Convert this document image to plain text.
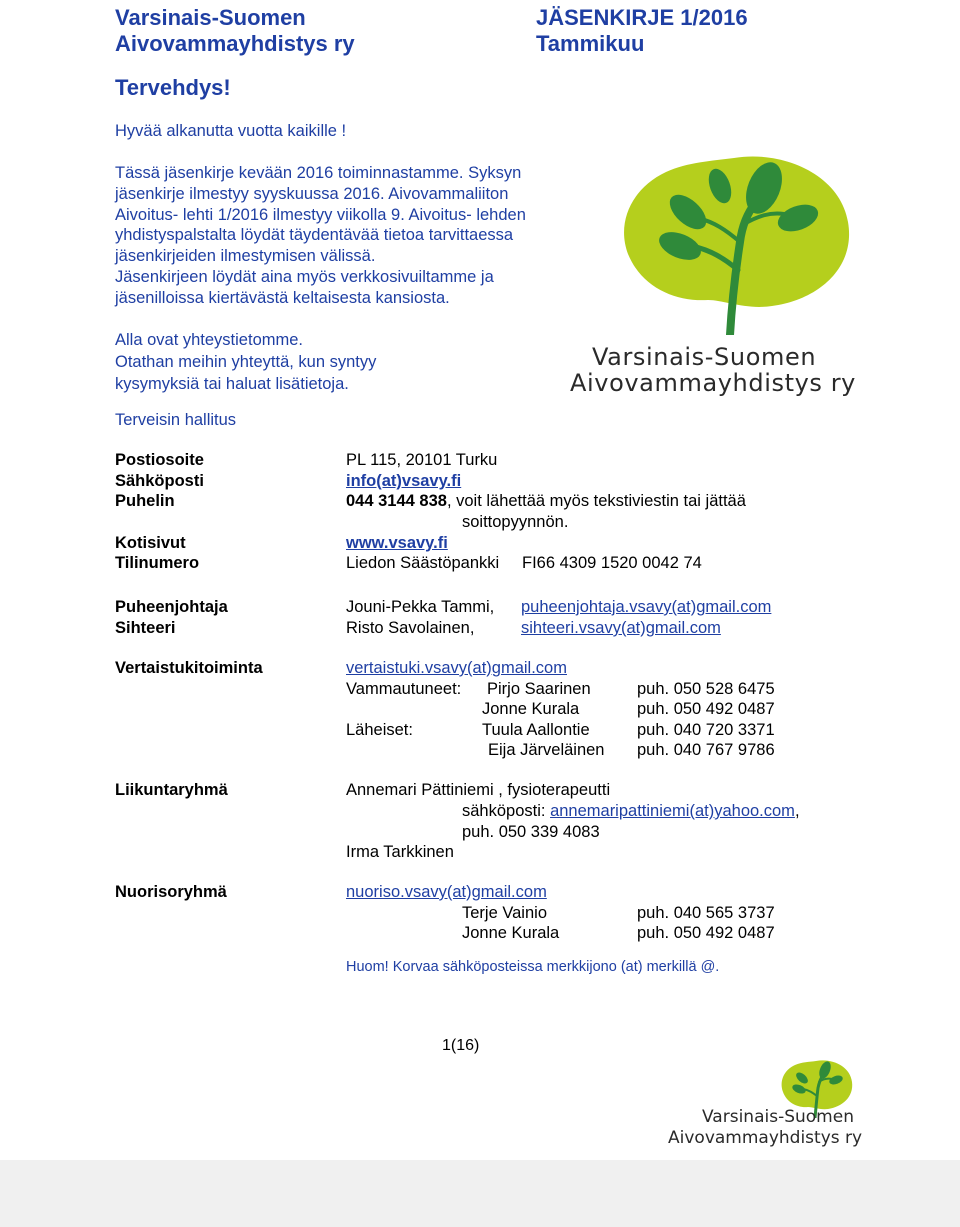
Varsinais-Suomen
Aivovammayhdistys ry
JÄSENKIRJE 1/2016
Tammikuu
Tervehdys!
Hyvää alkanutta vuotta kaikille !
Tässä jäsenkirje kevään 2016 toiminnastamme. Syksyn
jäsenkirje ilmestyy syyskuussa 2016. Aivovammaliiton
Aivoitus- lehti 1/2016 ilmestyy viikolla 9. Aivoitus- lehden
yhdistyspalstalta löydät täydentävää tietoa tarvittaessa
jäsenkirjeiden ilmestymisen välissä.
Jäsenkirjeen löydät aina myös verkkosivuiltamme ja
jäsenilloissa kiertävästä keltaisesta kansiosta.
Alla ovat yhteystietomme.
Otathan meihin yhteyttä, kun syntyy
kysymyksiä tai haluat lisätietoja.
Terveisin hallitus
Varsinais-Suomen
Aivovammayhdistys ry
Postiosoite	PL 115, 20101 Turku
Sähköposti	info(at)vsavy.fi
Puhelin	044 3144 838, voit lähettää myös tekstiviestin tai jättää
soittopyynnön.
Kotisivut	www.vsavy.fi
Tilinumero	Liedon Säästöpankki FI66 4309 1520 0042 74
Puheenjohtaja	Jouni-Pekka Tammi, puheenjohtaja.vsavy(at)gmail.com
Sihteeri	Risto Savolainen,	sihteeri.vsavy(at)gmail.com
Vertaistukitoiminta	vertaistuki.vsavy(at)gmail.com
Vammautuneet: Pirjo Saarinen	puh. 050 528 6475
Jonne Kurala	puh. 050 492 0487
Läheiset:	Tuula Aallontie	puh. 040 720 3371
Eija Järveläinen puh. 040 767 9786
Liikuntaryhmä	Annemari Pättiniemi , fysioterapeutti
sähköposti: annemaripattiniemi(at)yahoo.com,
puh. 050 339 4083
Irma Tarkkinen
Nuorisoryhmä	nuoriso.vsavy(at)gmail.com
Terje Vainio	puh. 040 565 3737
Jonne Kurala	puh. 050 492 0487
Huom! Korvaa sähköposteissa merkkijono (at) merkillä @.
1(16)
Varsinais-Suomen
Aivovammayhdistys ry
